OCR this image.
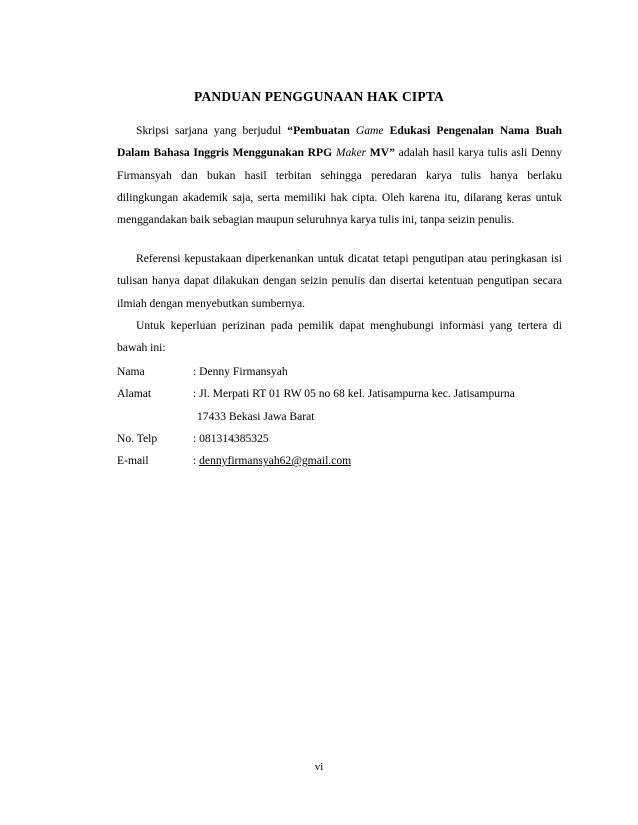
PANDUAN PENGGUNAAN HAK CIPTA
Skripsi sarjana yang berjudul “Pembuatan Game Edukasi Pengenalan Nama Buah Dalam Bahasa Inggris Menggunakan RPG Maker MV” adalah hasil karya tulis asli Denny Firmansyah dan bukan hasil terbitan sehingga peredaran karya tulis hanya berlaku dilingkungan akademik saja, serta memiliki hak cipta. Oleh karena itu, dilarang keras untuk menggandakan baik sebagian maupun seluruhnya karya tulis ini, tanpa seizin penulis.
Referensi kepustakaan diperkenankan untuk dicatat tetapi pengutipan atau peringkasan isi tulisan hanya dapat dilakukan dengan seizin penulis dan disertai ketentuan pengutipan secara ilmiah dengan menyebutkan sumbernya.
Untuk keperluan perizinan pada pemilik dapat menghubungi informasi yang tertera di bawah ini:
Nama	: Denny Firmansyah
Alamat	: Jl. Merpati RT 01 RW 05 no 68 kel. Jatisampurna kec. Jatisampurna
17433 Bekasi Jawa Barat
No. Telp	: 081314385325
E-mail	: dennyfirmansyah62@gmail.com
vi
